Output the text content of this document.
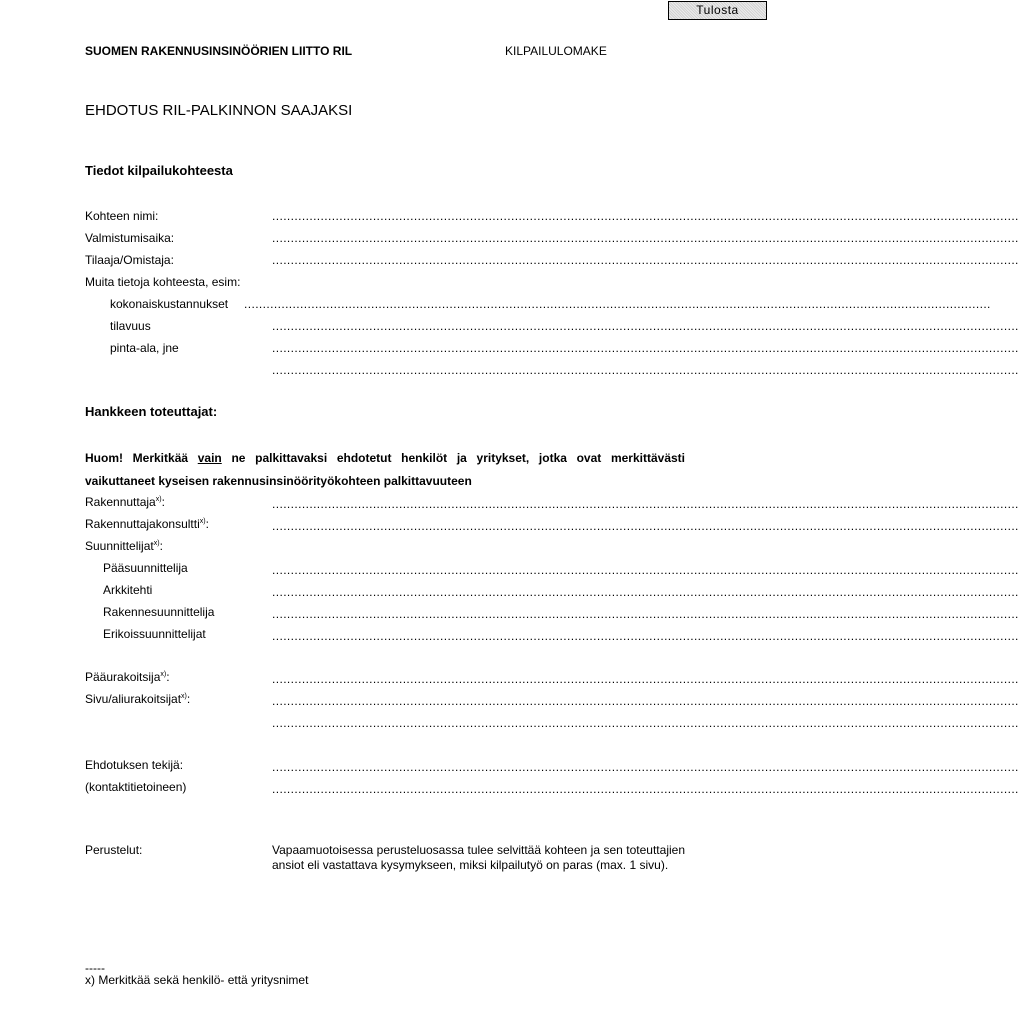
Tulosta
SUOMEN RAKENNUSINSINÖÖRIEN LIITTO RIL	KILPAILULOMAKE
EHDOTUS RIL-PALKINNON SAAJAKSI
Tiedot kilpailukohteesta
Kohteen nimi:	........................................................................................................................................................................................................
Valmistumisaika:	........................................................................................................................................................................................................
Tilaaja/Omistaja:	........................................................................................................................................................................................................
Muita tietoja kohteesta, esim:
kokonaiskustannukset ........................................................................................................................................................................................................
tilavuus	........................................................................................................................................................................................................
pinta-ala, jne	........................................................................................................................................................................................................
........................................................................................................................................................................................................
Hankkeen toteuttajat:
Huom! Merkitkää vain ne palkittavaksi ehdotetut henkilöt ja yritykset, jotka ovat merkittävästi
vaikuttaneet kyseisen rakennusinsinöörityökohteen palkittavuuteen
Rakennuttaja$^{x)}$:	........................................................................................................................................................................................................
Rakennuttajakonsultti$^{x)}$:	........................................................................................................................................................................................................
Suunnittelijat$^{x)}$:
Pääsuunnittelija	........................................................................................................................................................................................................
Arkkitehti	........................................................................................................................................................................................................
Rakennesuunnittelija	........................................................................................................................................................................................................
Erikoissuunnittelijat	........................................................................................................................................................................................................
Pääurakoitsija$^{x)}$:	........................................................................................................................................................................................................
Sivu/aliurakoitsijat$^{x)}$:	........................................................................................................................................................................................................
........................................................................................................................................................................................................
Ehdotuksen tekijä:	........................................................................................................................................................................................................
(kontaktitietoineen)	........................................................................................................................................................................................................
Perustelut:	Vapaamuotoisessa perusteluosassa tulee selvittää kohteen ja sen toteuttajien ansiot eli vastattava kysymykseen, miksi kilpailutyö on paras (max. 1 sivu).
-----
x) Merkitkää sekä henkilö- että yritysnimet
